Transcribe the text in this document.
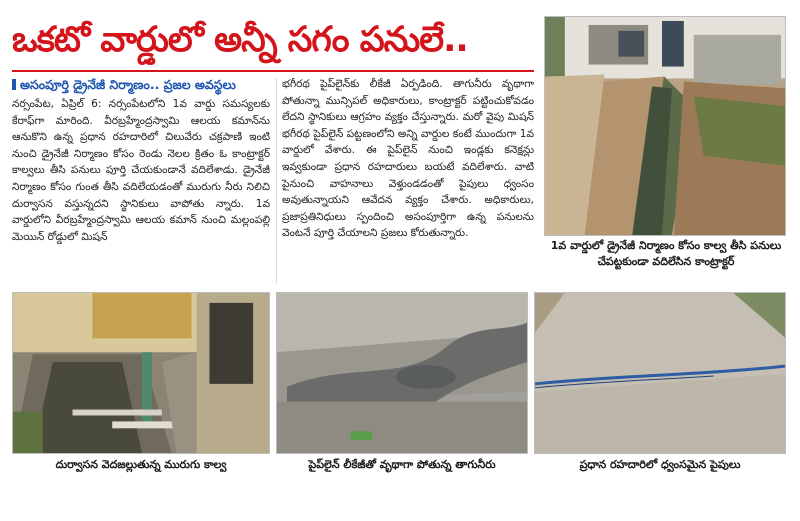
ఒకటో వార్డులో అన్నీ సగం పనులే..
అసంపూర్తి డ్రైనేజీ నిర్మాణం.. ప్రజల అవస్థలు
నర్సంపేట, ఏప్రిల్ 6: నర్సంపేటలోని 1వ వార్డు సమస్యలకు కేరాఫ్‌గా మారింది. వీరబ్రహ్మేంద్రస్వామి ఆలయ కమాన్‌ను ఆనుకొని ఉన్న ప్రధాన రహదారిలో చిలువేరు చక్రపాణి ఇంటి నుంచి డ్రైనేజీ నిర్మాణం కోసం రెండు నెలల క్రితం ఓ కాంట్రాక్టర్ కాల్వలు తీసి పనులు పూర్తి చేయకుండానే వదిలేశాడు. డ్రైనేజీ నిర్మాణం కోసం గుంత తీసి వదిలేయడంతో మురుగు నీరు నిలిచి దుర్వాసన వస్తున్నదని స్థానికులు వాపోతు న్నారు. 1వ వార్డులోని వీరబ్రహ్మేంద్రస్వామి ఆలయ కమాన్ నుంచి మల్లంపల్లి మెయిన్ రోడ్డులో మిషన్
భగీరథ పైప్‌లైన్‌కు లీకేజీ ఏర్పడింది. తాగునీరు వృథాగా పోతున్నా మున్సిపల్ అధికారులు, కాంట్రాక్టర్ పట్టించుకోవడం లేదని స్థానికులు ఆగ్రహం వ్యక్తం చేస్తున్నారు. మరో వైపు మిషన్ భగీరథ పైప్‌లైన్ పట్టణంలోని అన్ని వార్డుల కంటే ముందుగా 1వ వార్డులో వేశారు. ఈ పైప్‌లైన్ నుంచి ఇండ్లకు కనెక్షన్లు ఇవ్వకుండా ప్రధాన రహదారులు బయటే వదిలేశారు. వాటి పైనుంచి వాహనాలు వెళ్తుండడంతో పైపులు ధ్వంసం అవుతున్నాయని ఆవేదన వ్యక్తం చేశారు. అధికారులు, ప్రజాప్రతినిధులు స్పందించి అసంపూర్తిగా ఉన్న పనులను వెంటనే పూర్తి చేయాలని ప్రజలు కోరుతున్నారు.
1వ వార్డులో డ్రైనేజీ నిర్మాణం కోసం కాల్వ తీసి పనులు చేపట్టకుండా వదిలేసిన కాంట్రాక్టర్
దుర్వాసన వెదజల్లుతున్న మురుగు కాల్వ	పైప్‌లైన్ లీకేజీతో వృథాగా పోతున్న తాగునీరు	ప్రధాన రహదారిలో ధ్వంసమైన పైపులు
